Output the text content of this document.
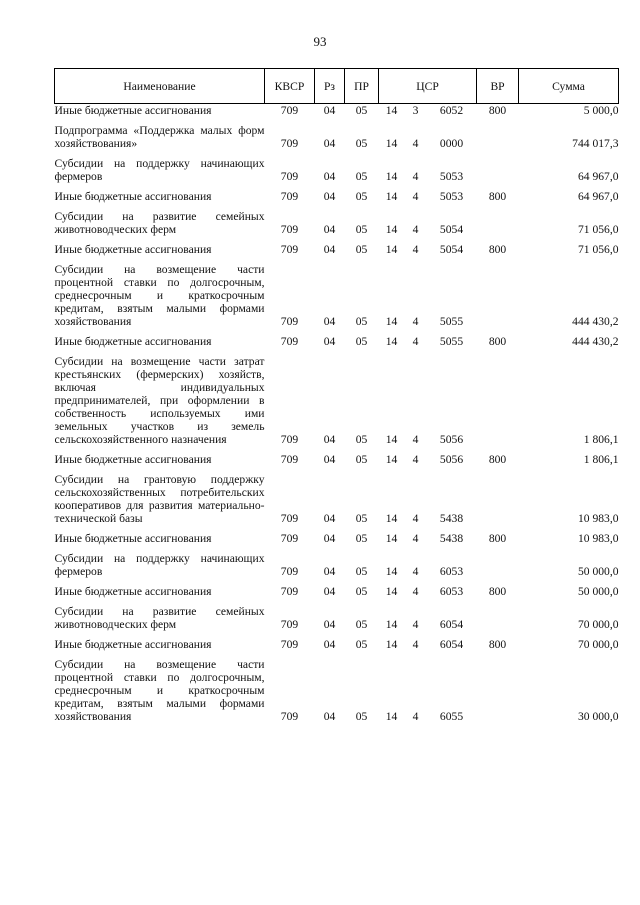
93
Наименование	КВСР	Рз	ПР	ЦСР			ВР	Сумма
Иные бюджетные ассигнования	709	04	05	14	3	6052	800	5 000,0
Подпрограмма «Поддержка малых форм хозяйствования»	709	04	05	14	4	0000		744 017,3
Субсидии на поддержку начинающих фермеров	709	04	05	14	4	5053		64 967,0
Иные бюджетные ассигнования	709	04	05	14	4	5053	800	64 967,0
Субсидии на развитие семейных животноводческих ферм	709	04	05	14	4	5054		71 056,0
Иные бюджетные ассигнования	709	04	05	14	4	5054	800	71 056,0
Субсидии на возмещение части процентной ставки по долгосрочным, среднесрочным и краткосрочным кредитам, взятым малыми формами хозяйствования	709	04	05	14	4	5055		444 430,2
Иные бюджетные ассигнования	709	04	05	14	4	5055	800	444 430,2
Субсидии на возмещение части затрат крестьянских (фермерских) хозяйств, включая индивидуальных предпринимателей, при оформлении в собственность используемых ими земельных участков из земель сельскохозяйственного назначения	709	04	05	14	4	5056		1 806,1
Иные бюджетные ассигнования	709	04	05	14	4	5056	800	1 806,1
Субсидии на грантовую поддержку сельскохозяйственных потребительских кооперативов для развития материально-технической базы	709	04	05	14	4	5438		10 983,0
Иные бюджетные ассигнования	709	04	05	14	4	5438	800	10 983,0
Субсидии на поддержку начинающих фермеров	709	04	05	14	4	6053		50 000,0
Иные бюджетные ассигнования	709	04	05	14	4	6053	800	50 000,0
Субсидии на развитие семейных животноводческих ферм	709	04	05	14	4	6054		70 000,0
Иные бюджетные ассигнования	709	04	05	14	4	6054	800	70 000,0
Субсидии на возмещение части процентной ставки по долгосрочным, среднесрочным и краткосрочным кредитам, взятым малыми формами хозяйствования	709	04	05	14	4	6055		30 000,0
